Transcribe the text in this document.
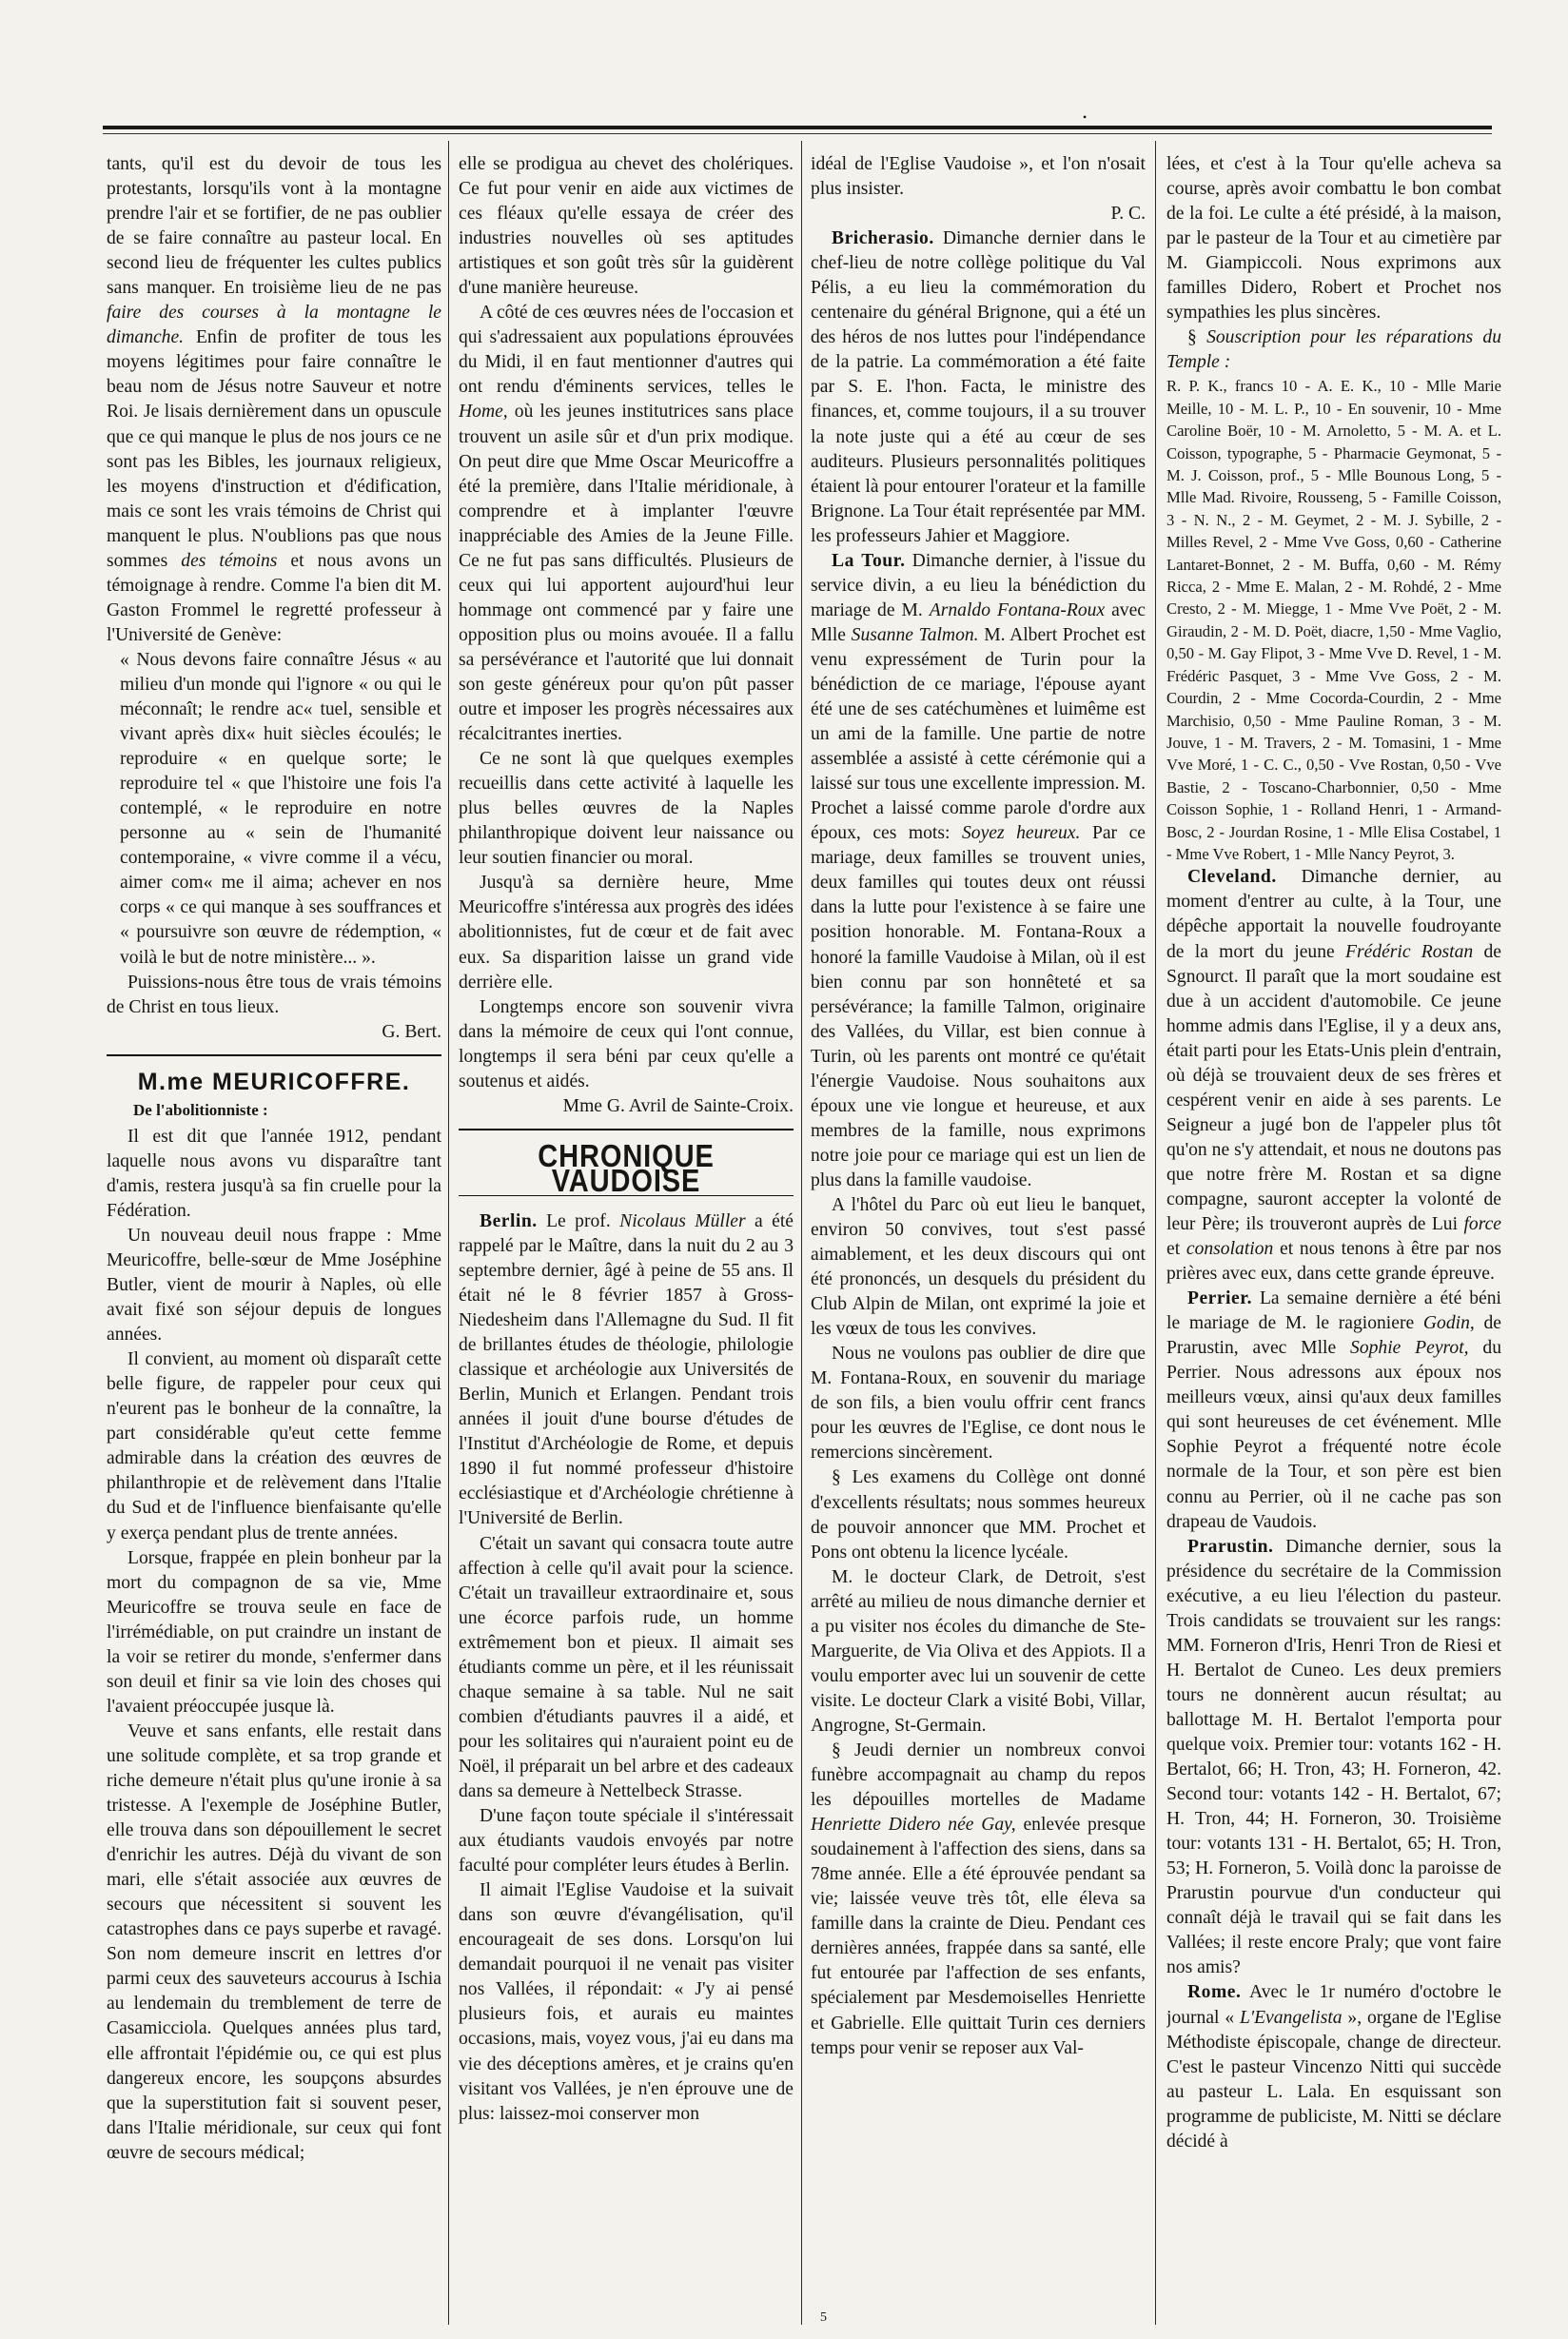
•

tants, qu'il est du devoir de tous les protestants, lorsqu'ils vont à la montagne prendre l'air et se fortifier, de ne pas oublier de se faire connaître au pasteur local. En second lieu de fréquenter les cultes publics sans manquer. En troisième lieu de ne pas faire des courses à la montagne le dimanche. Enfin de profiter de tous les moyens légitimes pour faire connaître le beau nom de Jésus notre Sauveur et notre Roi. Je lisais dernièrement dans un opuscule que ce qui manque le plus de nos jours ce ne sont pas les Bibles, les journaux religieux, les moyens d'instruction et d'édification, mais ce sont les vrais témoins de Christ qui manquent le plus. N'oublions pas que nous sommes des témoins et nous avons un témoignage à rendre. Comme l'a bien dit M. Gaston Frommel le regretté professeur à l'Université de Genève:

« Nous devons faire connaître Jésus « au milieu d'un monde qui l'ignore « ou qui le méconnaît; le rendre ac« tuel, sensible et vivant après dix« huit siècles écoulés; le reproduire « en quelque sorte; le reproduire tel « que l'histoire une fois l'a contemplé, « le reproduire en notre personne au « sein de l'humanité contemporaine, « vivre comme il a vécu, aimer com« me il aima; achever en nos corps « ce qui manque à ses souffrances et « poursuivre son œuvre de rédemption, « voilà le but de notre ministère... ».

Puissions-nous être tous de vrais témoins de Christ en tous lieux.

G. Bert.

M.me MEURICOFFRE.
De l'abolitionniste :

Il est dit que l'année 1912, pendant laquelle nous avons vu disparaître tant d'amis, restera jusqu'à sa fin cruelle pour la Fédération.

Un nouveau deuil nous frappe : Mme Meuricoffre, belle-sœur de Mme Joséphine Butler, vient de mourir à Naples, où elle avait fixé son séjour depuis de longues années.

Il convient, au moment où disparaît cette belle figure, de rappeler pour ceux qui n'eurent pas le bonheur de la connaître, la part considérable qu'eut cette femme admirable dans la création des œuvres de philanthropie et de relèvement dans l'Italie du Sud et de l'influence bienfaisante qu'elle y exerça pendant plus de trente années.

Lorsque, frappée en plein bonheur par la mort du compagnon de sa vie, Mme Meuricoffre se trouva seule en face de l'irrémédiable, on put craindre un instant de la voir se retirer du monde, s'enfermer dans son deuil et finir sa vie loin des choses qui l'avaient préoccupée jusque là.

Veuve et sans enfants, elle restait dans une solitude complète, et sa trop grande et riche demeure n'était plus qu'une ironie à sa tristesse. A l'exemple de Joséphine Butler, elle trouva dans son dépouillement le secret d'enrichir les autres. Déjà du vivant de son mari, elle s'était associée aux œuvres de secours que nécessitent si souvent les catastrophes dans ce pays superbe et ravagé. Son nom demeure inscrit en lettres d'or parmi ceux des sauveteurs accourus à Ischia au lendemain du tremblement de terre de Casamicciola. Quelques années plus tard, elle affrontait l'épidémie ou, ce qui est plus dangereux encore, les soupçons absurdes que la superstitution fait si souvent peser, dans l'Italie méridionale, sur ceux qui font œuvre de secours médical;

elle se prodigua au chevet des cholériques. Ce fut pour venir en aide aux victimes de ces fléaux qu'elle essaya de créer des industries nouvelles où ses aptitudes artistiques et son goût très sûr la guidèrent d'une manière heureuse.

A côté de ces œuvres nées de l'occasion et qui s'adressaient aux populations éprouvées du Midi, il en faut mentionner d'autres qui ont rendu d'éminents services, telles le Home, où les jeunes institutrices sans place trouvent un asile sûr et d'un prix modique. On peut dire que Mme Oscar Meuricoffre a été la première, dans l'Italie méridionale, à comprendre et à implanter l'œuvre inappréciable des Amies de la Jeune Fille. Ce ne fut pas sans difficultés. Plusieurs de ceux qui lui apportent aujourd'hui leur hommage ont commencé par y faire une opposition plus ou moins avouée. Il a fallu sa persévérance et l'autorité que lui donnait son geste généreux pour qu'on pût passer outre et imposer les progrès nécessaires aux récalcitrantes inerties.

Ce ne sont là que quelques exemples recueillis dans cette activité à laquelle les plus belles œuvres de la Naples philanthropique doivent leur naissance ou leur soutien financier ou moral.

Jusqu'à sa dernière heure, Mme Meuricoffre s'intéressa aux progrès des idées abolitionnistes, fut de cœur et de fait avec eux. Sa disparition laisse un grand vide derrière elle.

Longtemps encore son souvenir vivra dans la mémoire de ceux qui l'ont connue, longtemps il sera béni par ceux qu'elle a soutenus et aidés.

Mme G. Avril de Sainte-Croix.

CHRONIQUE VAUDOISE

Berlin. Le prof. Nicolaus Müller a été rappelé par le Maître, dans la nuit du 2 au 3 septembre dernier, âgé à peine de 55 ans. Il était né le 8 février 1857 à Gross-Niedesheim dans l'Allemagne du Sud. Il fit de brillantes études de théologie, philologie classique et archéologie aux Universités de Berlin, Munich et Erlangen. Pendant trois années il jouit d'une bourse d'études de l'Institut d'Archéologie de Rome, et depuis 1890 il fut nommé professeur d'histoire ecclésiastique et d'Archéologie chrétienne à l'Université de Berlin.

C'était un savant qui consacra toute autre affection à celle qu'il avait pour la science. C'était un travailleur extraordinaire et, sous une écorce parfois rude, un homme extrêmement bon et pieux. Il aimait ses étudiants comme un père, et il les réunissait chaque semaine à sa table. Nul ne sait combien d'étudiants pauvres il a aidé, et pour les solitaires qui n'auraient point eu de Noël, il préparait un bel arbre et des cadeaux dans sa demeure à Nettelbeck Strasse.

D'une façon toute spéciale il s'intéressait aux étudiants vaudois envoyés par notre faculté pour compléter leurs études à Berlin.

Il aimait l'Eglise Vaudoise et la suivait dans son œuvre d'évangélisation, qu'il encourageait de ses dons. Lorsqu'on lui demandait pourquoi il ne venait pas visiter nos Vallées, il répondait: « J'y ai pensé plusieurs fois, et aurais eu maintes occasions, mais, voyez vous, j'ai eu dans ma vie des déceptions amères, et je crains qu'en visitant vos Vallées, je n'en éprouve une de plus: laissez-moi conserver mon

idéal de l'Eglise Vaudoise », et l'on n'osait plus insister.

P. C.

Bricherasio. Dimanche dernier dans le chef-lieu de notre collège politique du Val Pélis, a eu lieu la commémoration du centenaire du général Brignone, qui a été un des héros de nos luttes pour l'indépendance de la patrie. La commémoration a été faite par S. E. l'hon. Facta, le ministre des finances, et, comme toujours, il a su trouver la note juste qui a été au cœur de ses auditeurs. Plusieurs personnalités politiques étaient là pour entourer l'orateur et la famille Brignone. La Tour était représentée par MM. les professeurs Jahier et Maggiore.

La Tour. Dimanche dernier, à l'issue du service divin, a eu lieu la bénédiction du mariage de M. Arnaldo Fontana-Roux avec Mlle Susanne Talmon. M. Albert Prochet est venu expressément de Turin pour la bénédiction de ce mariage, l'épouse ayant été une de ses catéchumènes et luimême est un ami de la famille. Une partie de notre assemblée a assisté à cette cérémonie qui a laissé sur tous une excellente impression. M. Prochet a laissé comme parole d'ordre aux époux, ces mots: Soyez heureux. Par ce mariage, deux familles se trouvent unies, deux familles qui toutes deux ont réussi dans la lutte pour l'existence à se faire une position honorable. M. Fontana-Roux a honoré la famille Vaudoise à Milan, où il est bien connu par son honnêteté et sa persévérance; la famille Talmon, originaire des Vallées, du Villar, est bien connue à Turin, où les parents ont montré ce qu'était l'énergie Vaudoise. Nous souhaitons aux époux une vie longue et heureuse, et aux membres de la famille, nous exprimons notre joie pour ce mariage qui est un lien de plus dans la famille vaudoise.

A l'hôtel du Parc où eut lieu le banquet, environ 50 convives, tout s'est passé aimablement, et les deux discours qui ont été prononcés, un desquels du président du Club Alpin de Milan, ont exprimé la joie et les vœux de tous les convives.

Nous ne voulons pas oublier de dire que M. Fontana-Roux, en souvenir du mariage de son fils, a bien voulu offrir cent francs pour les œuvres de l'Eglise, ce dont nous le remercions sincèrement.

§ Les examens du Collège ont donné d'excellents résultats; nous sommes heureux de pouvoir annoncer que MM. Prochet et Pons ont obtenu la licence lycéale.

M. le docteur Clark, de Detroit, s'est arrêté au milieu de nous dimanche dernier et a pu visiter nos écoles du dimanche de Ste-Marguerite, de Via Oliva et des Appiots. Il a voulu emporter avec lui un souvenir de cette visite. Le docteur Clark a visité Bobi, Villar, Angrogne, St-Germain.

§ Jeudi dernier un nombreux convoi funèbre accompagnait au champ du repos les dépouilles mortelles de Madame Henriette Didero née Gay, enlevée presque soudainement à l'affection des siens, dans sa 78me année. Elle a été éprouvée pendant sa vie; laissée veuve très tôt, elle éleva sa famille dans la crainte de Dieu. Pendant ces dernières années, frappée dans sa santé, elle fut entourée par l'affection de ses enfants, spécialement par Mesdemoiselles Henriette et Gabrielle. Elle quittait Turin ces derniers temps pour venir se reposer aux Val-

lées, et c'est à la Tour qu'elle acheva sa course, après avoir combattu le bon combat de la foi. Le culte a été présidé, à la maison, par le pasteur de la Tour et au cimetière par M. Giampiccoli. Nous exprimons aux familles Didero, Robert et Prochet nos sympathies les plus sincères.

§ Souscription pour les réparations du Temple :

R. P. K., francs 10 - A. E. K., 10 - Mlle Marie Meille, 10 - M. L. P., 10 - En souvenir, 10 - Mme Caroline Boër, 10 - M. Arnoletto, 5 - M. A. et L. Coisson, typographe, 5 - Pharmacie Geymonat, 5 - M. J. Coisson, prof., 5 - Mlle Bounous Long, 5 - Mlle Mad. Rivoire, Rousseng, 5 - Famille Coisson, 3 - N. N., 2 - M. Geymet, 2 - M. J. Sybille, 2 - Milles Revel, 2 - Mme Vve Goss, 0,60 - Catherine Lantaret-Bonnet, 2 - M. Buffa, 0,60 - M. Rémy Ricca, 2 - Mme E. Malan, 2 - M. Rohdé, 2 - Mme Cresto, 2 - M. Miegge, 1 - Mme Vve Poët, 2 - M. Giraudin, 2 - M. D. Poët, diacre, 1,50 - Mme Vaglio, 0,50 - M. Gay Flipot, 3 - Mme Vve D. Revel, 1 - M. Frédéric Pasquet, 3 - Mme Vve Goss, 2 - M. Courdin, 2 - Mme Cocorda-Courdin, 2 - Mme Marchisio, 0,50 - Mme Pauline Roman, 3 - M. Jouve, 1 - M. Travers, 2 - M. Tomasini, 1 - Mme Vve Moré, 1 - C. C., 0,50 - Vve Rostan, 0,50 - Vve Bastie, 2 - Toscano-Charbonnier, 0,50 - Mme Coisson Sophie, 1 - Rolland Henri, 1 - Armand-Bosc, 2 - Jourdan Rosine, 1 - Mlle Elisa Costabel, 1 - Mme Vve Robert, 1 - Mlle Nancy Peyrot, 3.

Cleveland. Dimanche dernier, au moment d'entrer au culte, à la Tour, une dépêche apportait la nouvelle foudroyante de la mort du jeune Frédéric Rostan de Sgnourct. Il paraît que la mort soudaine est due à un accident d'automobile. Ce jeune homme admis dans l'Eglise, il y a deux ans, était parti pour les Etats-Unis plein d'entrain, où déjà se trouvaient deux de ses frères et cespérent venir en aide à ses parents. Le Seigneur a jugé bon de l'appeler plus tôt qu'on ne s'y attendait, et nous ne doutons pas que notre frère M. Rostan et sa digne compagne, sauront accepter la volonté de leur Père; ils trouveront auprès de Lui force et consolation et nous tenons à être par nos prières avec eux, dans cette grande épreuve.

Perrier. La semaine dernière a été béni le mariage de M. le ragioniere Godin, de Prarustin, avec Mlle Sophie Peyrot, du Perrier. Nous adressons aux époux nos meilleurs vœux, ainsi qu'aux deux familles qui sont heureuses de cet événement. Mlle Sophie Peyrot a fréquenté notre école normale de la Tour, et son père est bien connu au Perrier, où il ne cache pas son drapeau de Vaudois.

Prarustin. Dimanche dernier, sous la présidence du secrétaire de la Commission exécutive, a eu lieu l'élection du pasteur. Trois candidats se trouvaient sur les rangs: MM. Forneron d'Iris, Henri Tron de Riesi et H. Bertalot de Cuneo. Les deux premiers tours ne donnèrent aucun résultat; au ballottage M. H. Bertalot l'emporta pour quelque voix. Premier tour: votants 162 - H. Bertalot, 66; H. Tron, 43; H. Forneron, 42. Second tour: votants 142 - H. Bertalot, 67; H. Tron, 44; H. Forneron, 30. Troisième tour: votants 131 - H. Bertalot, 65; H. Tron, 53; H. Forneron, 5. Voilà donc la paroisse de Prarustin pourvue d'un conducteur qui connaît déjà le travail qui se fait dans les Vallées; il reste encore Praly; que vont faire nos amis?

Rome. Avec le 1r numéro d'octobre le journal « L'Evangelista », organe de l'Eglise Méthodiste épiscopale, change de directeur. C'est le pasteur Vincenzo Nitti qui succède au pasteur L. Lala. En esquissant son programme de publiciste, M. Nitti se déclare décidé à

5
